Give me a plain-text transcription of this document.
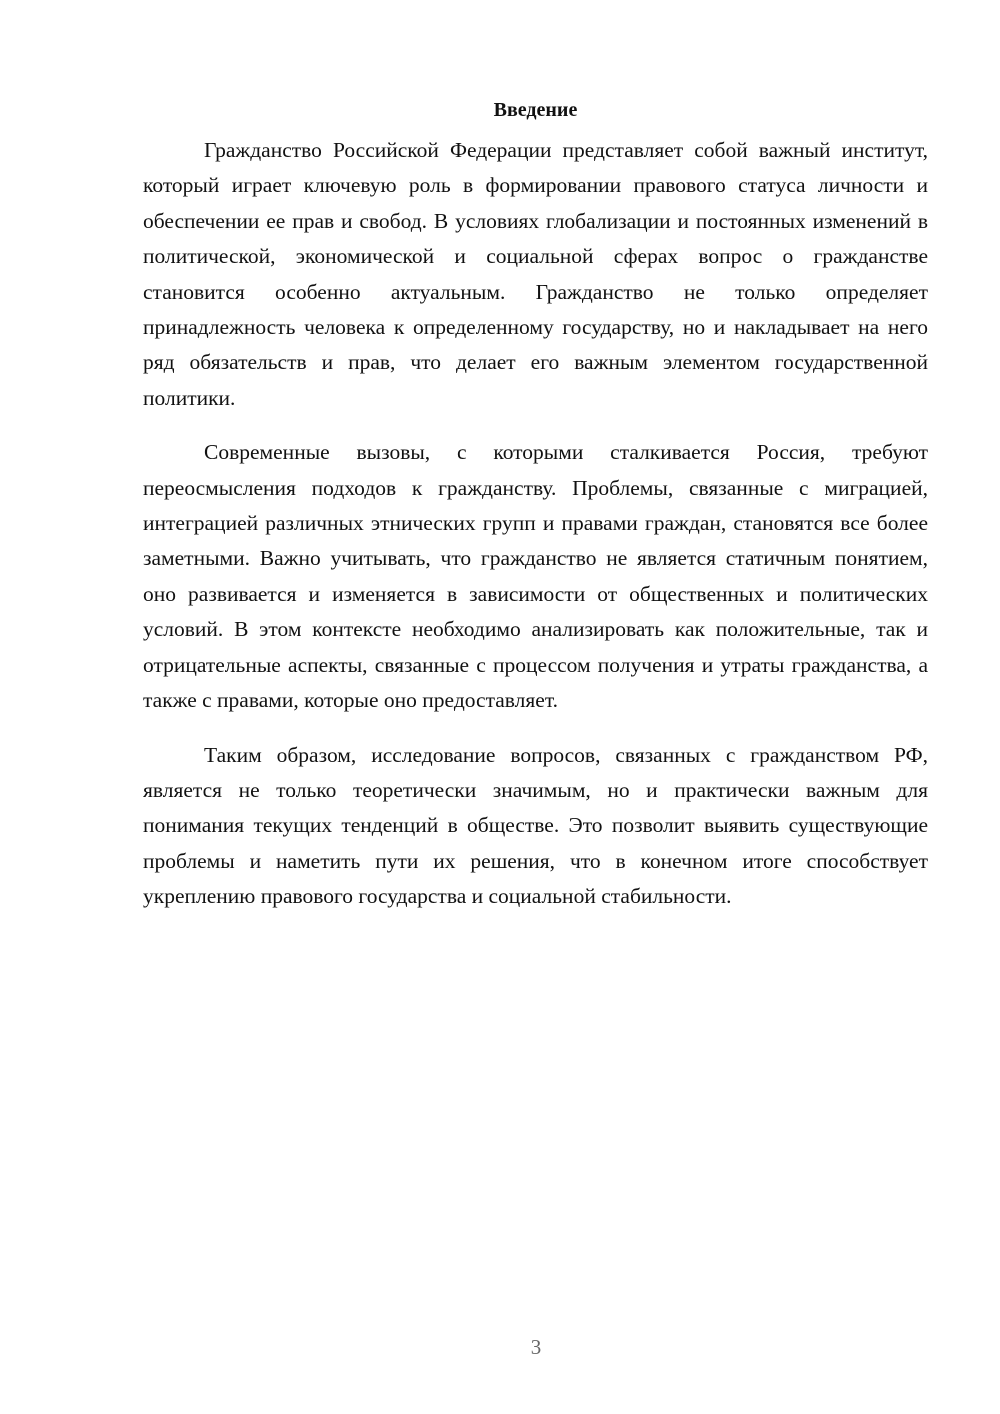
Введение

Гражданство Российской Федерации представляет собой важный институт, который играет ключевую роль в формировании правового статуса личности и обеспечении ее прав и свобод. В условиях глобализации и постоянных изменений в политической, экономической и социальной сферах вопрос о гражданстве становится особенно актуальным. Гражданство не только определяет принадлежность человека к определенному государству, но и накладывает на него ряд обязательств и прав, что делает его важным элементом государственной политики.

Современные вызовы, с которыми сталкивается Россия, требуют переосмысления подходов к гражданству. Проблемы, связанные с миграцией, интеграцией различных этнических групп и правами граждан, становятся все более заметными. Важно учитывать, что гражданство не является статичным понятием, оно развивается и изменяется в зависимости от общественных и политических условий. В этом контексте необходимо анализировать как положительные, так и отрицательные аспекты, связанные с процессом получения и утраты гражданства, а также с правами, которые оно предоставляет.

Таким образом, исследование вопросов, связанных с гражданством РФ, является не только теоретически значимым, но и практически важным для понимания текущих тенденций в обществе. Это позволит выявить существующие проблемы и наметить пути их решения, что в конечном итоге способствует укреплению правового государства и социальной стабильности.

3
